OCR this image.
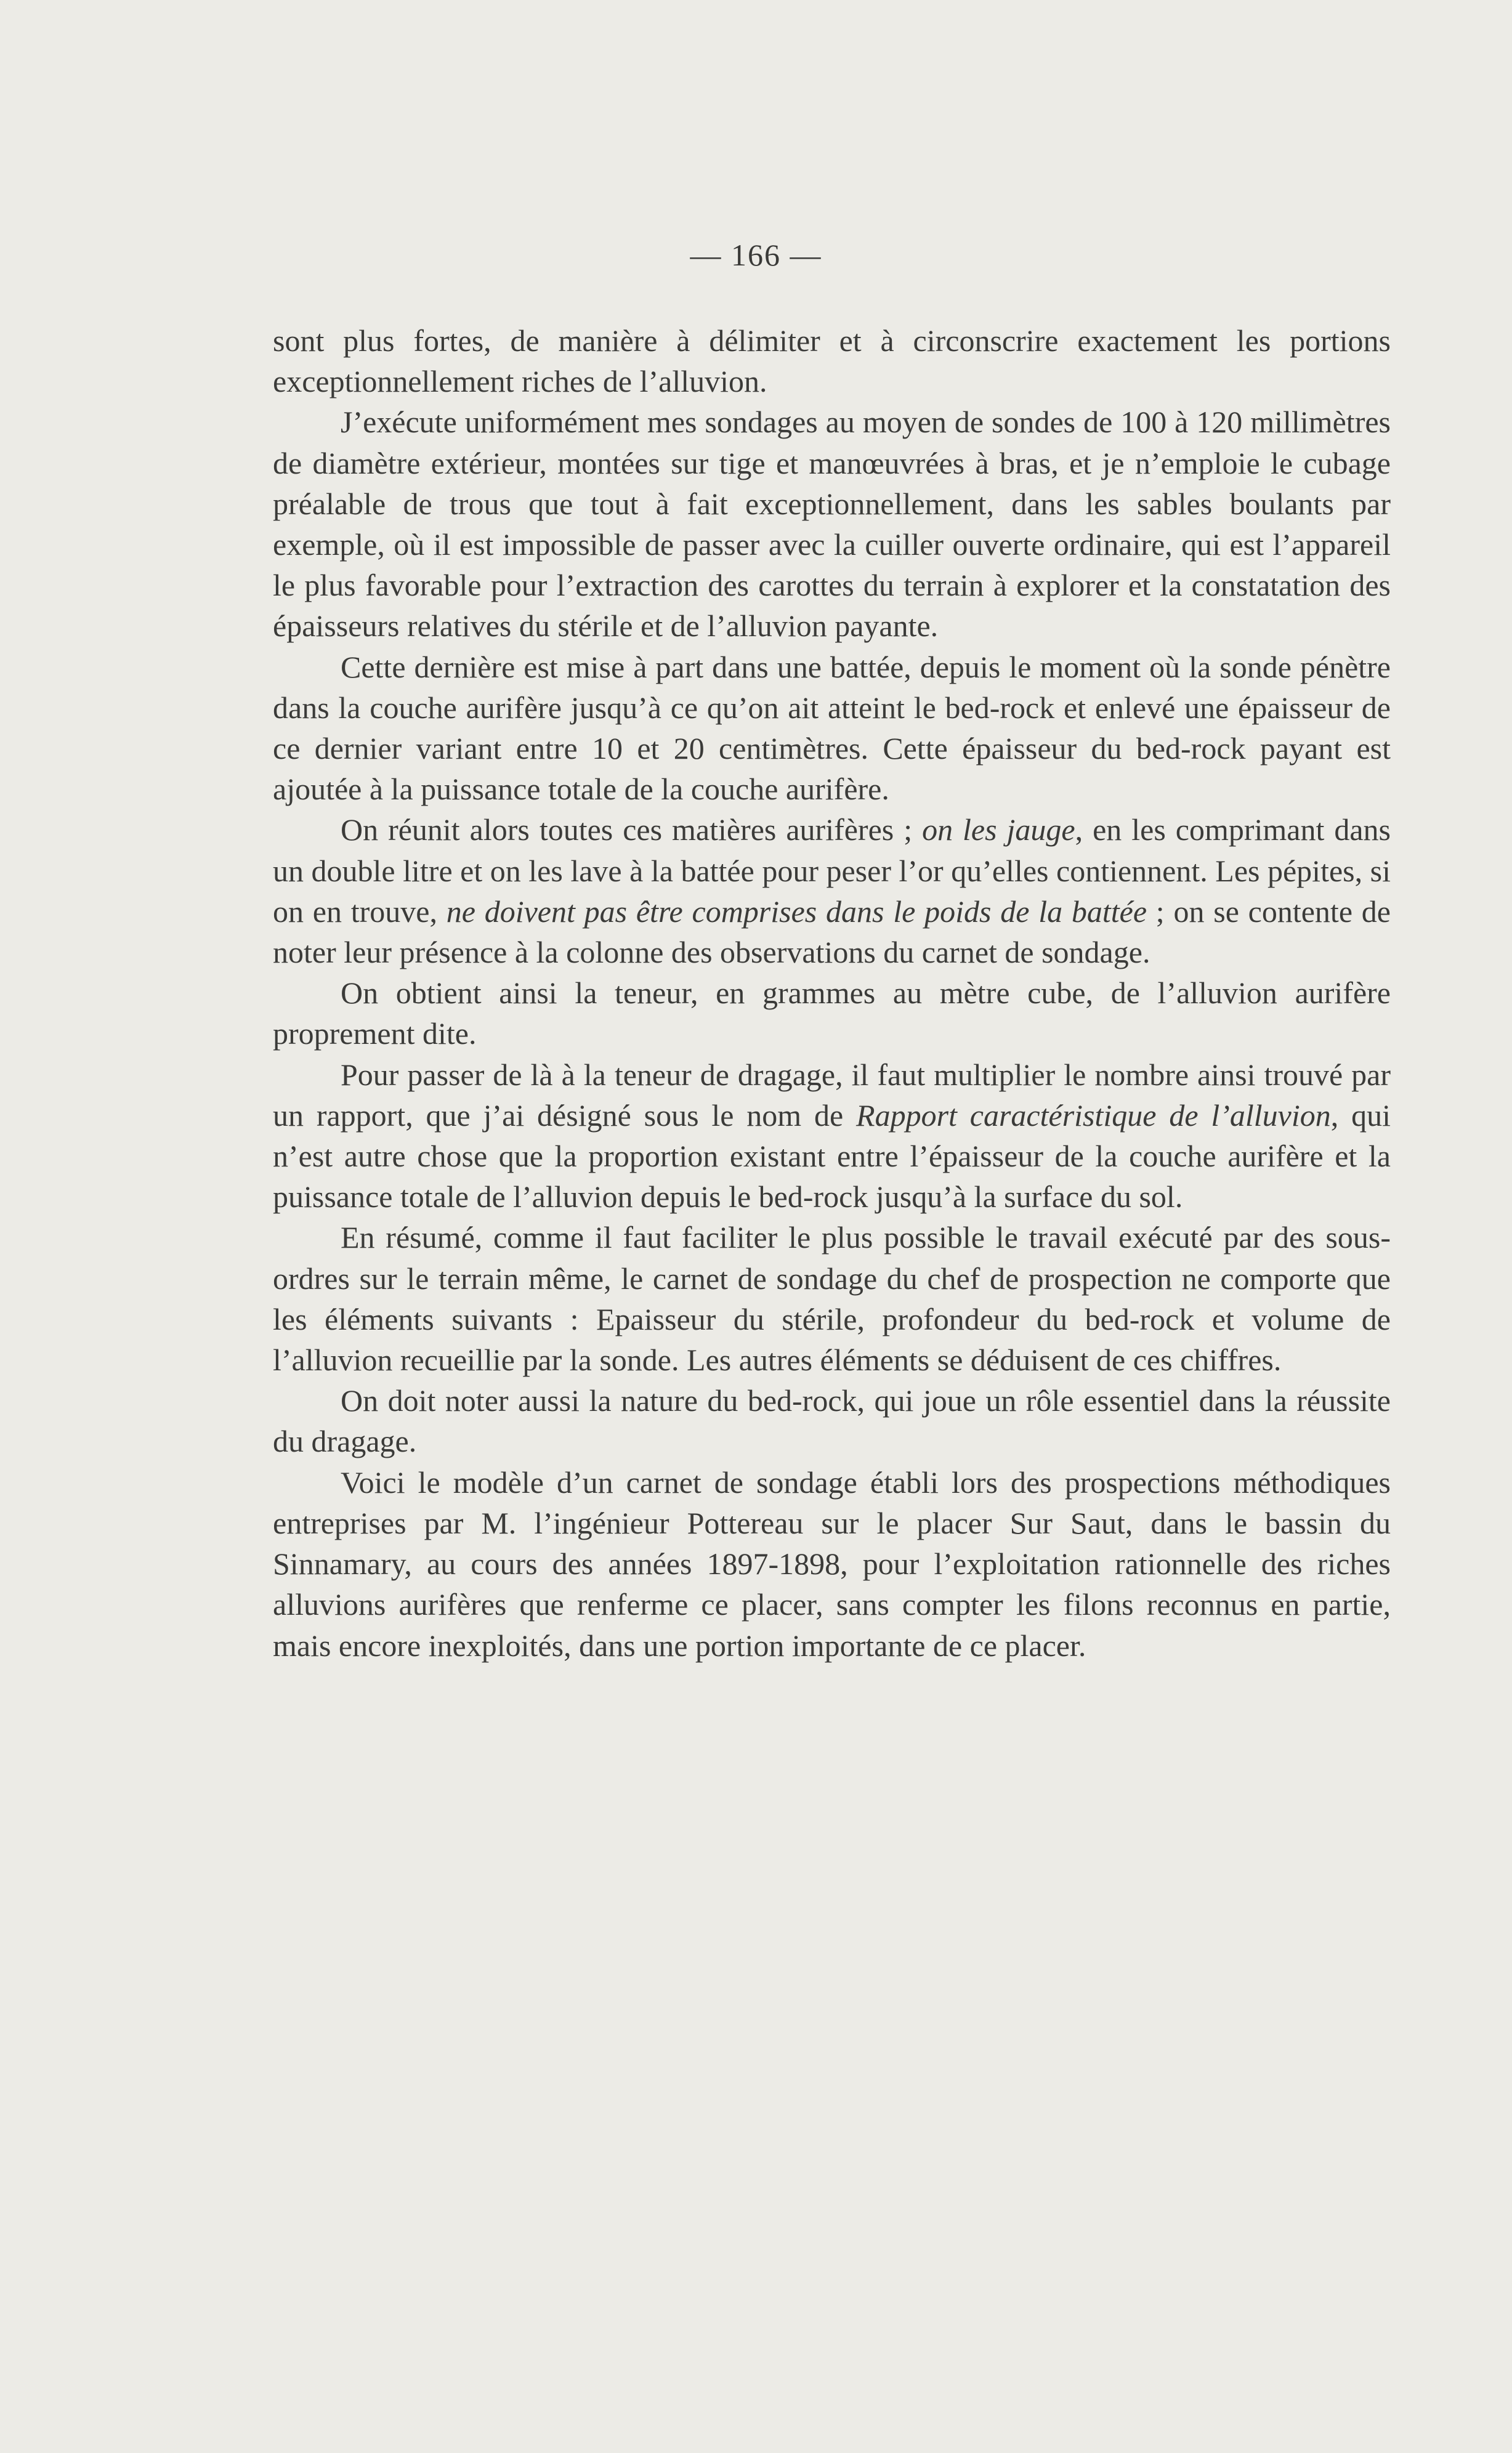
— 166 —

sont plus fortes, de manière à délimiter et à circonscrire exactement les portions exceptionnellement riches de l’alluvion.

J’exécute uniformément mes sondages au moyen de sondes de 100 à 120 millimètres de diamètre extérieur, montées sur tige et manœuvrées à bras, et je n’emploie le cubage préalable de trous que tout à fait exceptionnellement, dans les sables boulants par exemple, où il est impossible de passer avec la cuiller ouverte ordinaire, qui est l’appareil le plus favorable pour l’extraction des carottes du terrain à explorer et la constatation des épaisseurs relatives du stérile et de l’alluvion payante.

Cette dernière est mise à part dans une battée, depuis le moment où la sonde pénètre dans la couche aurifère jusqu’à ce qu’on ait atteint le bed-rock et enlevé une épaisseur de ce dernier variant entre 10 et 20 centimètres. Cette épaisseur du bed-rock payant est ajoutée à la puissance totale de la couche aurifère.

On réunit alors toutes ces matières aurifères ; on les jauge, en les comprimant dans un double litre et on les lave à la battée pour peser l’or qu’elles contiennent. Les pépites, si on en trouve, ne doivent pas être comprises dans le poids de la battée ; on se contente de noter leur présence à la colonne des observations du carnet de sondage.

On obtient ainsi la teneur, en grammes au mètre cube, de l’alluvion aurifère proprement dite.

Pour passer de là à la teneur de dragage, il faut multiplier le nombre ainsi trouvé par un rapport, que j’ai désigné sous le nom de Rapport caractéristique de l’alluvion, qui n’est autre chose que la proportion existant entre l’épaisseur de la couche aurifère et la puissance totale de l’alluvion depuis le bed-rock jusqu’à la surface du sol.

En résumé, comme il faut faciliter le plus possible le travail exécuté par des sous-ordres sur le terrain même, le carnet de sondage du chef de prospection ne comporte que les éléments suivants : Epaisseur du stérile, profondeur du bed-rock et volume de l’alluvion recueillie par la sonde. Les autres éléments se déduisent de ces chiffres.

On doit noter aussi la nature du bed-rock, qui joue un rôle essentiel dans la réussite du dragage.

Voici le modèle d’un carnet de sondage établi lors des prospections méthodiques entreprises par M. l’ingénieur Pottereau sur le placer Sur Saut, dans le bassin du Sinnamary, au cours des années 1897-1898, pour l’exploitation rationnelle des riches alluvions aurifères que renferme ce placer, sans compter les filons reconnus en partie, mais encore inexploités, dans une portion importante de ce placer.
